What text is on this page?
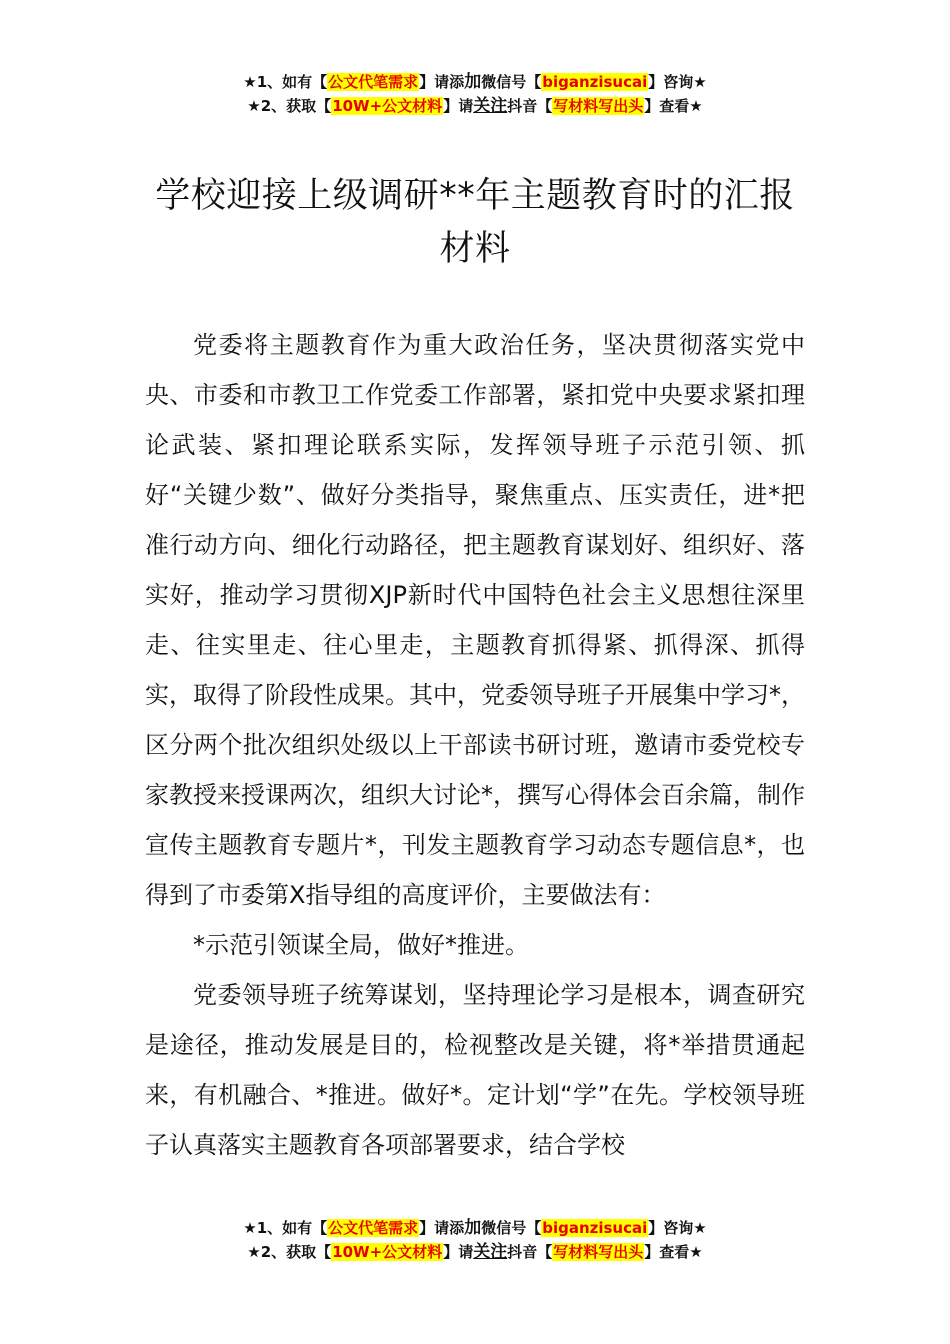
★1、如有【公文代笔需求】请添加微信号【biganzisucai】咨询★
★2、获取【10W+公文材料】请关注抖音【写材料写出头】查看★
学校迎接上级调研**年主题教育时的汇报
材料

党委将主题教育作为重大政治任务，坚决贯彻落实党中央、市委和市教卫工作党委工作部署，紧扣党中央要求紧扣理论武装、紧扣理论联系实际，发挥领导班子示范引领、抓好“关键少数”、做好分类指导，聚焦重点、压实责任，进*把准行动方向、细化行动路径，把主题教育谋划好、组织好、落实好，推动学习贯彻XJP新时代中国特色社会主义思想往深里走、往实里走、往心里走，主题教育抓得紧、抓得深、抓得实，取得了阶段性成果。其中，党委领导班子开展集中学习*，区分两个批次组织处级以上干部读书研讨班，邀请市委党校专家教授来授课两次，组织大讨论*，撰写心得体会百余篇，制作宣传主题教育专题片*，刊发主题教育学习动态专题信息*，也得到了市委第X指导组的高度评价，主要做法有：

*示范引领谋全局，做好*推进。

党委领导班子统筹谋划，坚持理论学习是根本，调查研究是途径，推动发展是目的，检视整改是关键，将*举措贯通起来，有机融合、*推进。做好*。定计划“学”在先。学校领导班子认真落实主题教育各项部署要求，结合学校

★1、如有【公文代笔需求】请添加微信号【biganzisucai】咨询★
★2、获取【10W+公文材料】请关注抖音【写材料写出头】查看★
